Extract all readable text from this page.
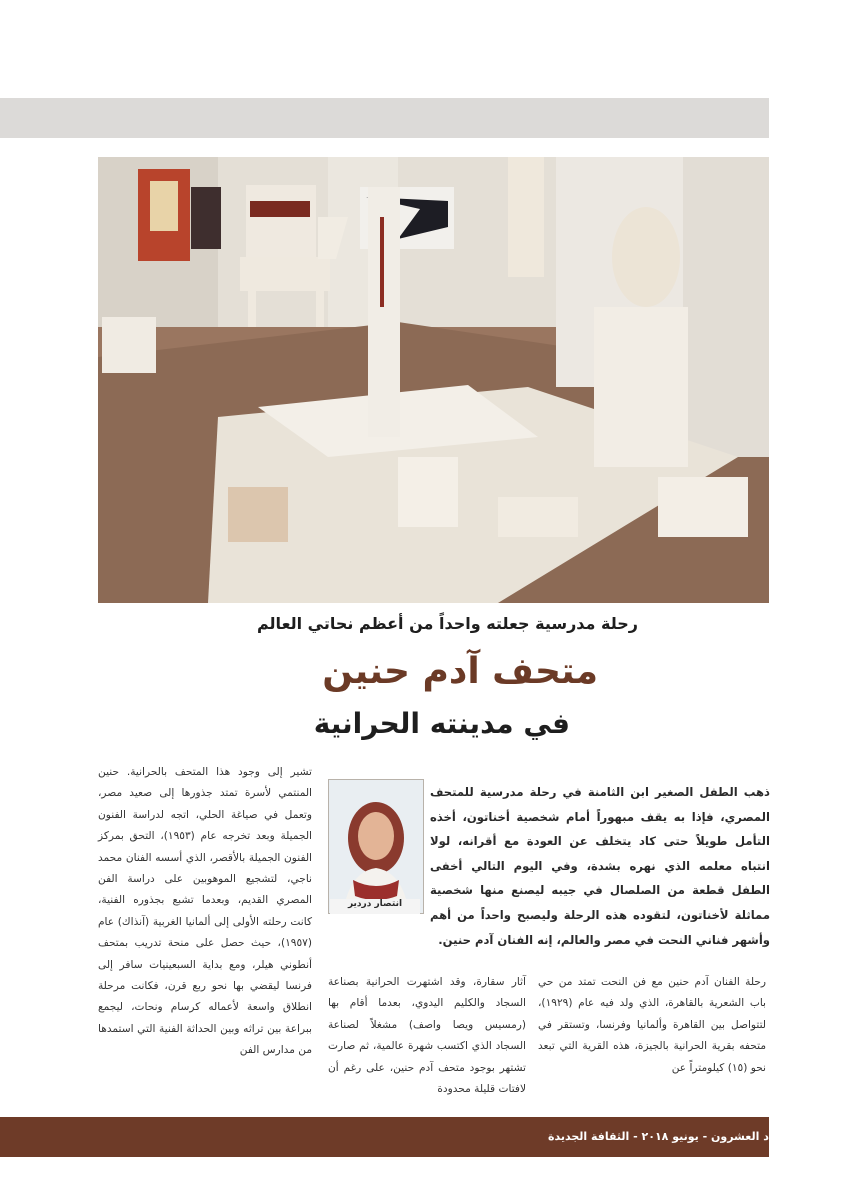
رحلة مدرسية جعلته واحداً من أعظم نحاتي العالم
متحف آدم حنين
في مدينته الحرانية
انتصار دردير
ذهب الطفل الصغير ابن الثامنة في رحلة مدرسية للمتحف المصري، فإذا به يقف مبهوراً أمام شخصية أخناتون، أخذه التأمل طويلاً حتى كاد يتخلف عن العودة مع أقرانه، لولا انتباه معلمه الذي نهره بشدة، وفي اليوم التالي أخفى الطفل قطعة من الصلصال في جيبه ليصنع منها شخصية مماثلة لأخناتون، لتقوده هذه الرحلة وليصبح واحداً من أهم وأشهر فناني النحت في مصر والعالم، إنه الفنان آدم حنين.
تشير إلى وجود هذا المتحف بالحرانية. حنين المنتمي لأسرة تمتد جذورها إلى صعيد مصر، وتعمل في صياغة الحلي، اتجه لدراسة الفنون الجميلة وبعد تخرجه عام (١٩٥٣)، التحق بمركز الفنون الجميلة بالأقصر، الذي أسسه الفنان محمد ناجي، لتشجيع الموهوبين على دراسة الفن المصري القديم، وبعدما تشبع بجذوره الفنية، كانت رحلته الأولى إلى ألمانيا الغربية (آنذاك) عام (١٩٥٧)، حيث حصل على منحة تدريب بمتحف أنطوني هيلر، ومع بداية السبعينيات سافر إلى فرنسا ليقضي بها نحو ربع قرن، فكانت مرحلة انطلاق واسعة لأعماله كرسام ونحات، ليجمع ببراعة بين تراثه وبين الحداثة الفنية التي استمدها من مدارس الفن
آثار سقارة، وقد اشتهرت الحرانية بصناعة السجاد والكليم اليدوي، بعدما أقام بها (رمسيس ويصا واصف) مشغلاً لصناعة السجاد الذي اكتسب شهرة عالمية، ثم صارت تشتهر بوجود متحف آدم حنين، على رغم أن لافتات قليلة محدودة
رحلة الفنان آدم حنين مع فن النحت تمتد من حي باب الشعرية بالقاهرة، الذي ولد فيه عام (١٩٢٩)، لتتواصل بين القاهرة وألمانيا وفرنسا، وتستقر في متحفه بقرية الحرانية بالجيزة، هذه القرية التي تبعد نحو (١٥) كيلومتراً عن
١٠٨ العدد العشرون - يونيو ٢٠١٨ - الثقافة الجديدة
